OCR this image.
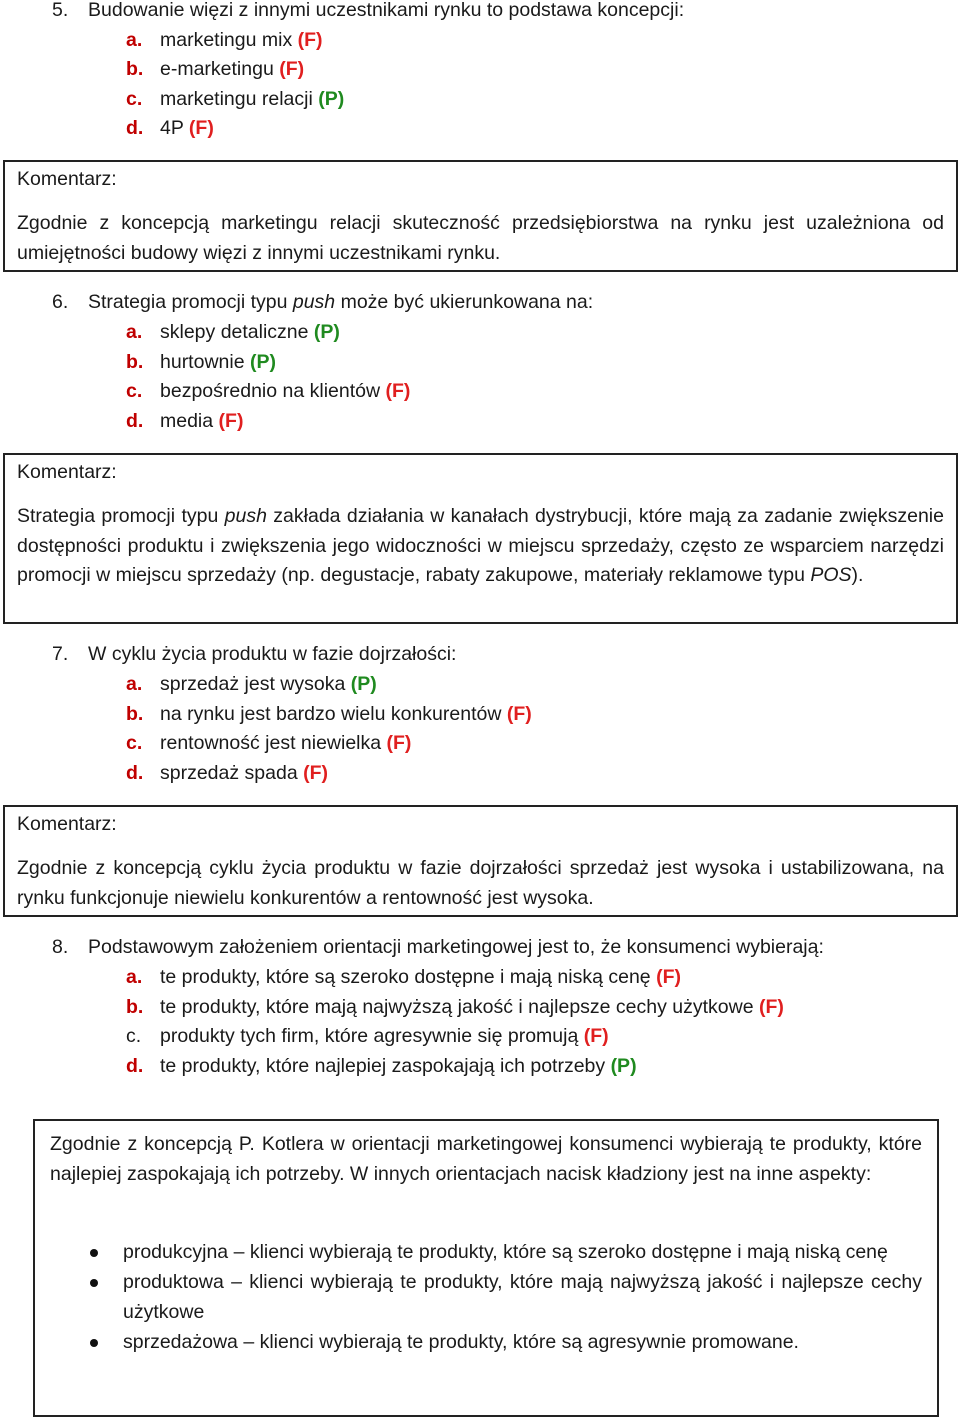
5. Budowanie więzi z innymi uczestnikami rynku to podstawa koncepcji:
a. marketingu mix (F)
b. e-marketingu (F)
c. marketingu relacji (P)
d. 4P (F)
Komentarz:
Zgodnie z koncepcją marketingu relacji skuteczność przedsiębiorstwa na rynku jest uzależniona od umiejętności budowy więzi z innymi uczestnikami rynku.
6. Strategia promocji typu push może być ukierunkowana na:
a. sklepy detaliczne (P)
b. hurtownie (P)
c. bezpośrednio na klientów (F)
d. media (F)
Komentarz:
Strategia promocji typu push zakłada działania w kanałach dystrybucji, które mają za zadanie zwiększenie dostępności produktu i zwiększenia jego widoczności w miejscu sprzedaży, często ze wsparciem narzędzi promocji w miejscu sprzedaży (np. degustacje, rabaty zakupowe, materiały reklamowe typu POS).
7. W cyklu życia produktu w fazie dojrzałości:
a. sprzedaż jest wysoka (P)
b. na rynku jest bardzo wielu konkurentów (F)
c. rentowność jest niewielka (F)
d. sprzedaż spada (F)
Komentarz:
Zgodnie z koncepcją cyklu życia produktu w fazie dojrzałości sprzedaż jest wysoka i ustabilizowana, na rynku funkcjonuje niewielu konkurentów a rentowność jest wysoka.
8. Podstawowym założeniem orientacji marketingowej jest to, że konsumenci wybierają:
a. te produkty, które są szeroko dostępne i mają niską cenę (F)
b. te produkty, które mają najwyższą jakość i najlepsze cechy użytkowe (F)
c. produkty tych firm, które agresywnie się promują (F)
d. te produkty, które najlepiej zaspokajają ich potrzeby (P)
Zgodnie z koncepcją P. Kotlera w orientacji marketingowej konsumenci wybierają te produkty, które najlepiej zaspokajają ich potrzeby. W innych orientacjach nacisk kładziony jest na inne aspekty:
produkcyjna – klienci wybierają te produkty, które są szeroko dostępne i mają niską cenę
produktowa – klienci wybierają te produkty, które mają najwyższą jakość i najlepsze cechy użytkowe
sprzedażowa – klienci wybierają te produkty, które są agresywnie promowane.
